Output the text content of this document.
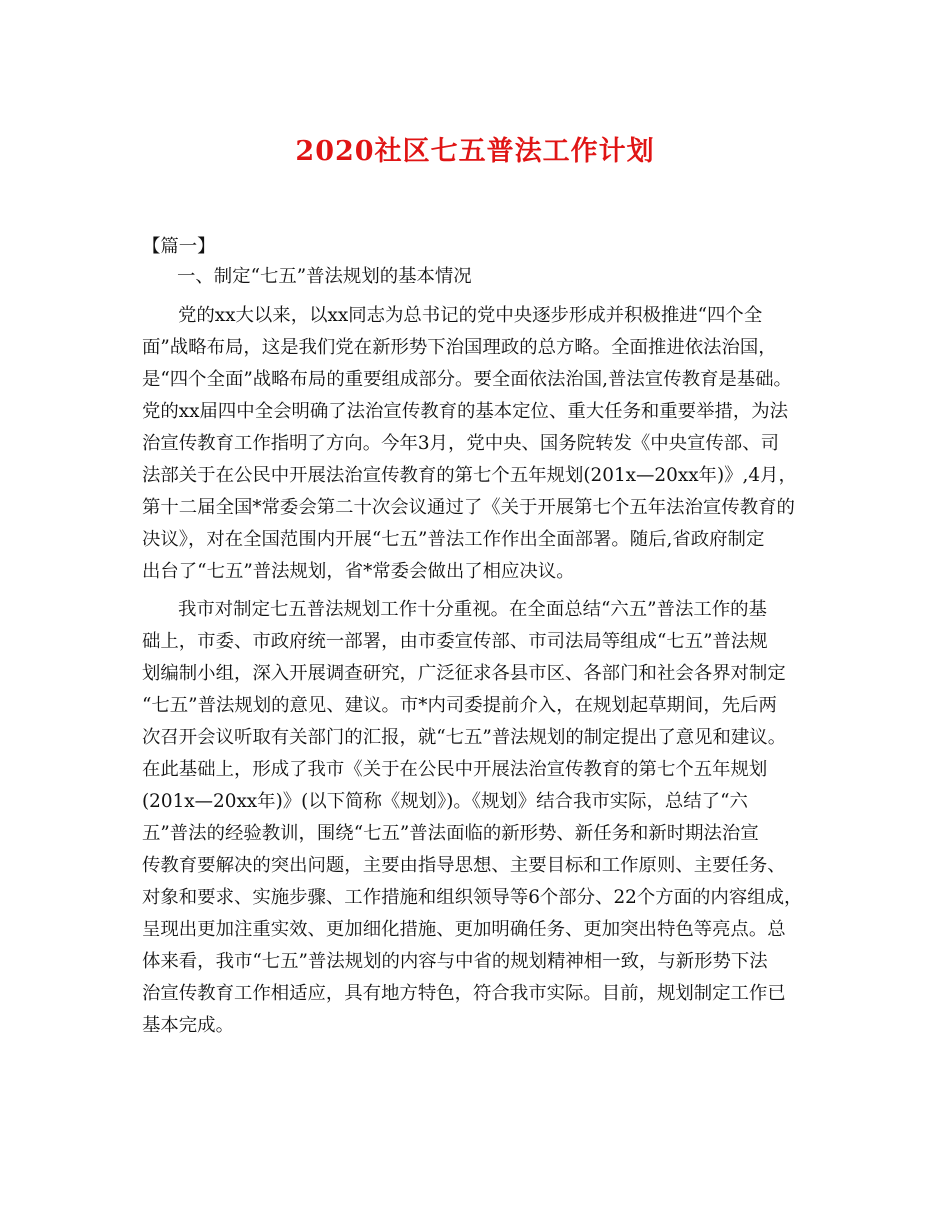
2020社区七五普法工作计划
【篇一】
一、制定“七五”普法规划的基本情况
党的xx大以来，以xx同志为总书记的党中央逐步形成并积极推进“四个全
面”战略布局，这是我们党在新形势下治国理政的总方略。全面推进依法治国，
是“四个全面”战略布局的重要组成部分。要全面依法治国,普法宣传教育是基础。
党的xx届四中全会明确了法治宣传教育的基本定位、重大任务和重要举措，为法
治宣传教育工作指明了方向。今年3月，党中央、国务院转发《中央宣传部、司
法部关于在公民中开展法治宣传教育的第七个五年规划(201x—20xx年)》,4月，
第十二届全国*常委会第二十次会议通过了《关于开展第七个五年法治宣传教育的
决议》，对在全国范围内开展“七五”普法工作作出全面部署。随后,省政府制定
出台了“七五”普法规划，省*常委会做出了相应决议。
我市对制定七五普法规划工作十分重视。在全面总结“六五”普法工作的基
础上，市委、市政府统一部署，由市委宣传部、市司法局等组成“七五”普法规
划编制小组，深入开展调查研究，广泛征求各县市区、各部门和社会各界对制定
“七五”普法规划的意见、建议。市*内司委提前介入，在规划起草期间，先后两
次召开会议听取有关部门的汇报，就“七五”普法规划的制定提出了意见和建议。
在此基础上，形成了我市《关于在公民中开展法治宣传教育的第七个五年规划
(201x—20xx年)》(以下简称《规划》)。《规划》结合我市实际，总结了“六
五”普法的经验教训，围绕“七五”普法面临的新形势、新任务和新时期法治宣
传教育要解决的突出问题，主要由指导思想、主要目标和工作原则、主要任务、
对象和要求、实施步骤、工作措施和组织领导等6个部分、22个方面的内容组成，
呈现出更加注重实效、更加细化措施、更加明确任务、更加突出特色等亮点。总
体来看，我市“七五”普法规划的内容与中省的规划精神相一致，与新形势下法
治宣传教育工作相适应，具有地方特色，符合我市实际。目前，规划制定工作已
基本完成。
